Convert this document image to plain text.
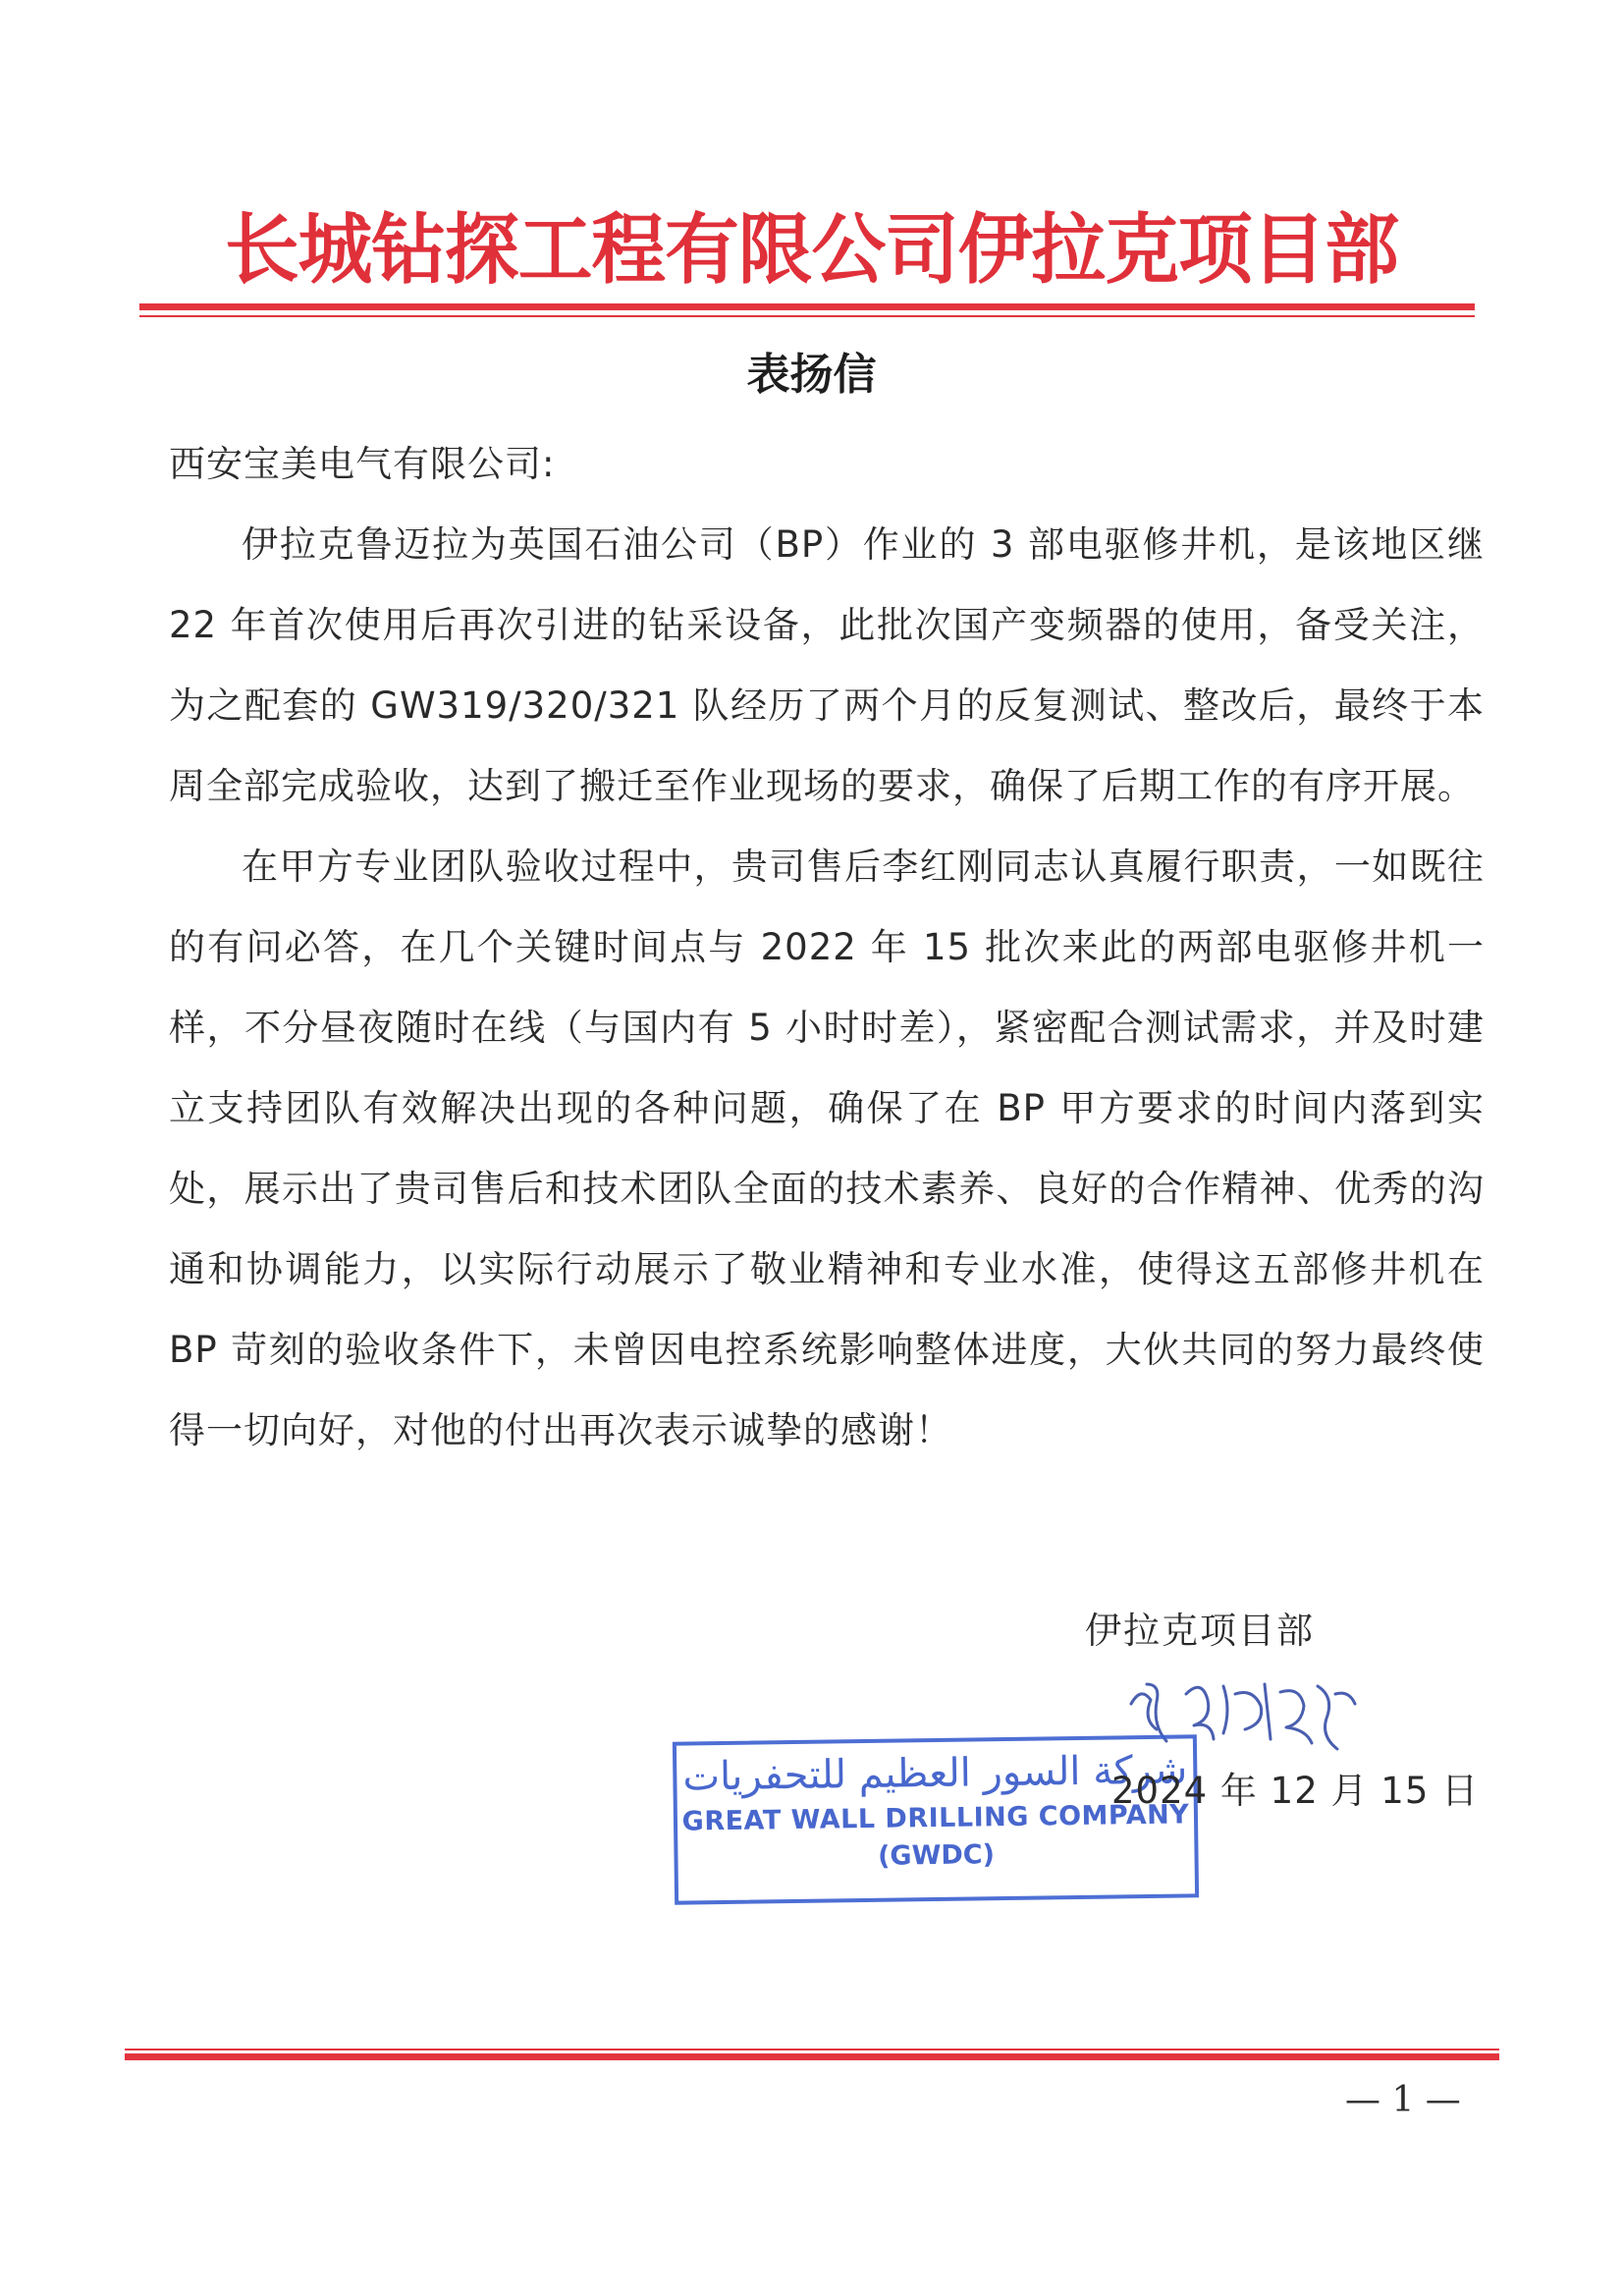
长城钻探工程有限公司伊拉克项目部
表扬信

西安宝美电气有限公司:

伊拉克鲁迈拉为英国石油公司（BP）作业的 3 部电驱修井机，是该地区继 22 年首次使用后再次引进的钻采设备，此批次国产变频器的使用，备受关注，为之配套的 GW319/320/321 队经历了两个月的反复测试、整改后，最终于本周全部完成验收，达到了搬迁至作业现场的要求，确保了后期工作的有序开展。

在甲方专业团队验收过程中，贵司售后李红刚同志认真履行职责，一如既往的有问必答，在几个关键时间点与 2022 年 15 批次来此的两部电驱修井机一样，不分昼夜随时在线（与国内有 5 小时时差），紧密配合测试需求，并及时建立支持团队有效解决出现的各种问题，确保了在 BP 甲方要求的时间内落到实处，展示出了贵司售后和技术团队全面的技术素养、良好的合作精神、优秀的沟通和协调能力，以实际行动展示了敬业精神和专业水准，使得这五部修井机在 BP 苛刻的验收条件下，未曾因电控系统影响整体进度，大伙共同的努力最终使得一切向好，对他的付出再次表示诚挚的感谢！

伊拉克项目部
شركة السور العظيم للتحفريات
GREAT WALL DRILLING COMPANY
(GWDC)
2024 年 12 月 15 日
— 1 —
